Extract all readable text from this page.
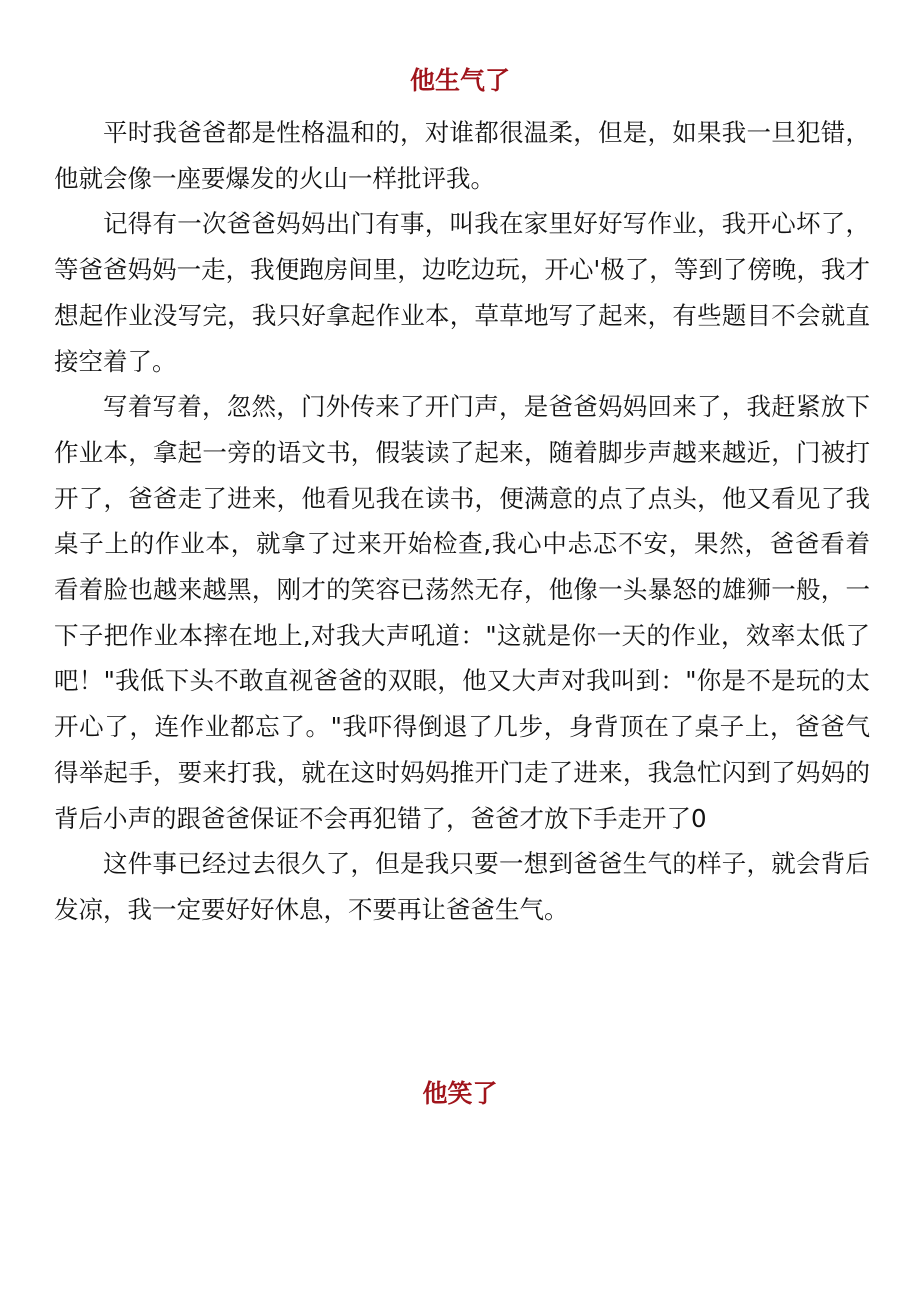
他生气了

平时我爸爸都是性格温和的，对谁都很温柔，但是，如果我一旦犯错，他就会像一座要爆发的火山一样批评我。

记得有一次爸爸妈妈出门有事，叫我在家里好好写作业，我开心坏了，等爸爸妈妈一走，我便跑房间里，边吃边玩，开心'极了，等到了傍晚，我才想起作业没写完，我只好拿起作业本，草草地写了起来，有些题目不会就直接空着了。

写着写着，忽然，门外传来了开门声，是爸爸妈妈回来了，我赶紧放下作业本，拿起一旁的语文书，假装读了起来，随着脚步声越来越近，门被打开了，爸爸走了进来，他看见我在读书，便满意的点了点头，他又看见了我桌子上的作业本，就拿了过来开始检查,我心中忐忑不安，果然，爸爸看着看着脸也越来越黑，刚才的笑容已荡然无存，他像一头暴怒的雄狮一般，一下子把作业本摔在地上,对我大声吼道："这就是你一天的作业，效率太低了吧！"我低下头不敢直视爸爸的双眼，他又大声对我叫到："你是不是玩的太开心了，连作业都忘了。"我吓得倒退了几步，身背顶在了桌子上，爸爸气得举起手，要来打我，就在这时妈妈推开门走了进来，我急忙闪到了妈妈的背后小声的跟爸爸保证不会再犯错了，爸爸才放下手走开了0

这件事已经过去很久了，但是我只要一想到爸爸生气的样子，就会背后发凉，我一定要好好休息，不要再让爸爸生气。

他笑了
